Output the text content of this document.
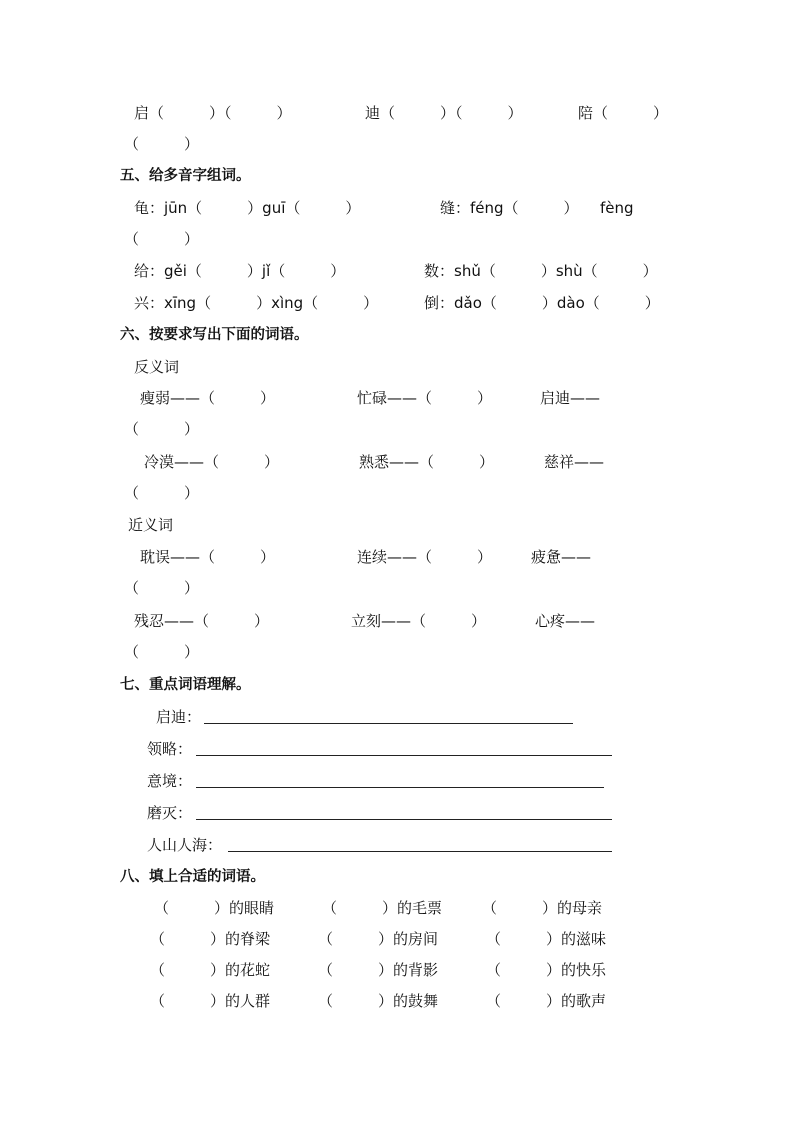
启（　　　）（　　　）	迪（　　　）（　　　）	陪（　　　）
（　　　）
五、给多音字组词。
龟：jūn（　　　）guī（　　　）	缝：féng（　　　） fèng
（　　　）
给：gěi（　　　）jǐ（　　　）	数：shǔ（　　　）shù（　　　）
兴：xīng（　　　）xìng（　　　）	倒：dǎo（　　　）dào（　　　）
六、按要求写出下面的词语。
反义词
瘦弱——（　　　）	忙碌——（　　　）	启迪——
（　　　）
冷漠——（　　　）	熟悉——（　　　）	慈祥——
（　　　）
近义词
耽误——（　　　）	连续——（　　　）	疲惫——
（　　　）
残忍——（　　　）	立刻——（　　　）	心疼——
（　　　）
七、重点词语理解。
启迪：
领略：
意境：
磨灭：
人山人海：
八、填上合适的词语。
（　　　）的眼睛	（　　　）的毛票	（　　　）的母亲
（　　　）的脊梁	（　　　）的房间	（　　　）的滋味
（　　　）的花蛇	（　　　）的背影	（　　　）的快乐
（　　　）的人群	（　　　）的鼓舞	（　　　）的歌声
